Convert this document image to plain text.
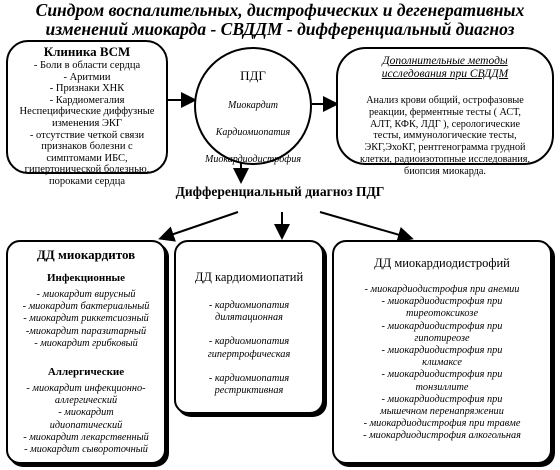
Синдром воспалительных, дистрофических и дегенеративных
изменений миокарда - СВДДМ - дифференциальный диагноз
Клиника ВСМ
- Боли в области сердца
- Аритмии
- Признаки ХНК
- Кардиомегалия
Неспецифические диффузные
изменения ЭКГ
- отсутствие четкой связи
признаков болезни с
симптомами ИБС,
гипертонической болезнью,
пороками сердца
ПДГ
Миокардит
Кардиомиопатия
Миокардиодистрофия
Дополнительные методы
исследования при СВДДМ
Анализ крови общий, острофазовые
реакции, ферментные тесты ( АСТ,
АЛТ, КФК, ЛДГ ), серологические
тесты, иммунологические тесты,
ЭКГ,ЭхоКГ, рентгенограмма грудной
клетки, радиоизотопные исследования,
биопсия миокарда.
Дифференциальный диагноз ПДГ
ДД миокардитов
Инфекционные
- миокардит вирусный
- миокардит бактериальный
- миокардит риккетсиозный
-миокардит паразитарный
- миокардит грибковый
Аллергические
- миокардит инфекционно-
аллергический
- миокардит
идиопатический
- миокардит лекарственный
- миокардит сывороточный
ДД кардиомиопатий
- кардиомиопатия
дилятационная
- кардиомиопатия
гипертрофическая
- кардиомиопатия
рестриктивная
ДД миокардиодистрофий
- миокардиодистрофия при анемии
- миокардиодистрофия при
тиреотоксикозе
- миокардиодистрофия при
гипотиреозе
- миокардиодистрофия при
климаксе
- миокардиодистрофия при
тонзиллите
- миокардиодистрофия при
мышечном перенапряжении
- миокардиодистрофия при травме
- миокардиодистрофия алкогольная
